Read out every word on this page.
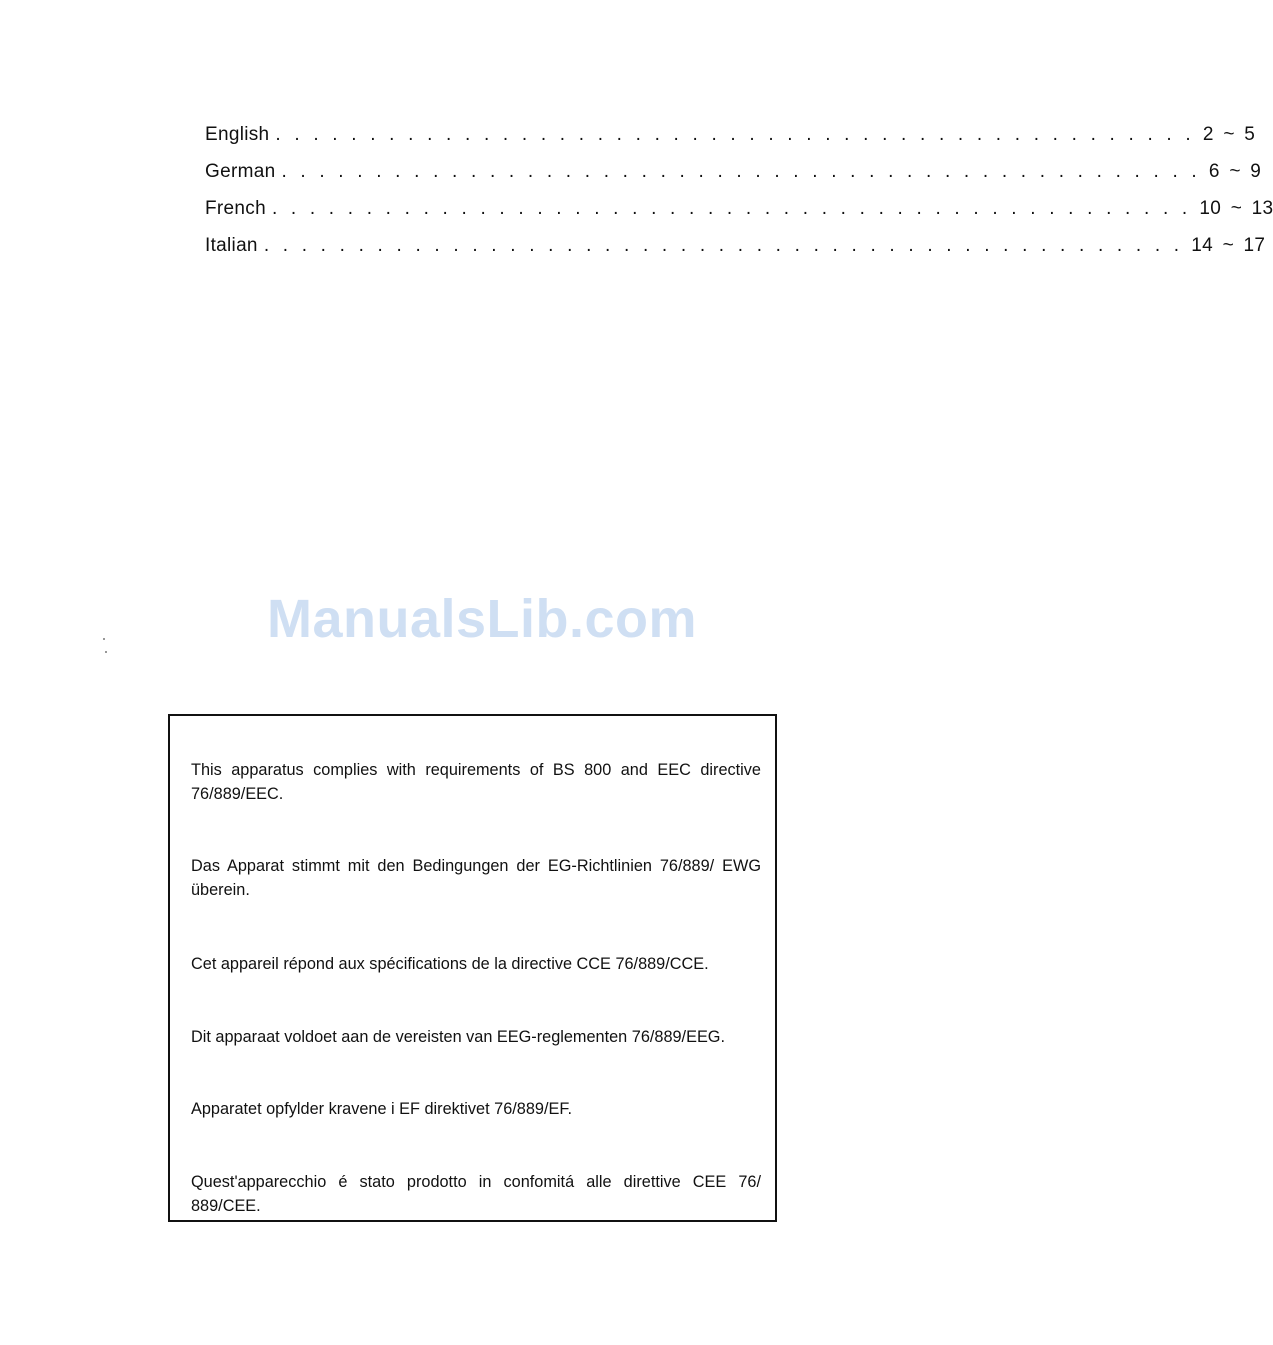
English . . . . . . . . . . . . . . . . . . . . . . . . . . . . . . . . . . . . . . . . . . . . . . . . . 2 ~ 5
German . . . . . . . . . . . . . . . . . . . . . . . . . . . . . . . . . . . . . . . . . . . . . . . . . 6 ~ 9
French . . . . . . . . . . . . . . . . . . . . . . . . . . . . . . . . . . . . . . . . . . . . . . . . . 10 ~ 13
Italian . . . . . . . . . . . . . . . . . . . . . . . . . . . . . . . . . . . . . . . . . . . . . . . . . 14 ~ 17
ManualsLib.com

This apparatus complies with requirements of BS 800 and EEC directive 76/889/EEC.

Das Apparat stimmt mit den Bedingungen der EG-Richtlinien 76/889/ EWG überein.

Cet appareil répond aux spécifications de la directive CCE 76/889/CCE.

Dit apparaat voldoet aan de vereisten van EEG-reglementen 76/889/EEG.

Apparatet opfylder kravene i EF direktivet 76/889/EF.

Quest'apparecchio é stato prodotto in confomitá alle direttive CEE 76/ 889/CEE.
